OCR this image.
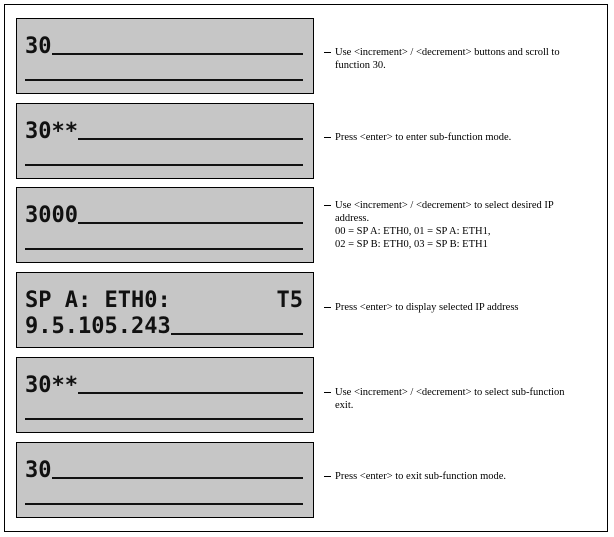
30	Use <increment> / <decrement> buttons and scroll to
function 30.
30**	Press <enter> to enter sub-function mode.
3000	Use <increment> / <decrement> to select desired IP
address.
00 = SP A: ETH0, 01 = SP A: ETH1,
02 = SP B: ETH0, 03 = SP B: ETH1
SP A: ETH0:	T5
9.5.105.243
Press <enter> to display selected IP address
30**	Use <increment> / <decrement> to select sub-function
exit.
30	Press <enter> to exit sub-function mode.
